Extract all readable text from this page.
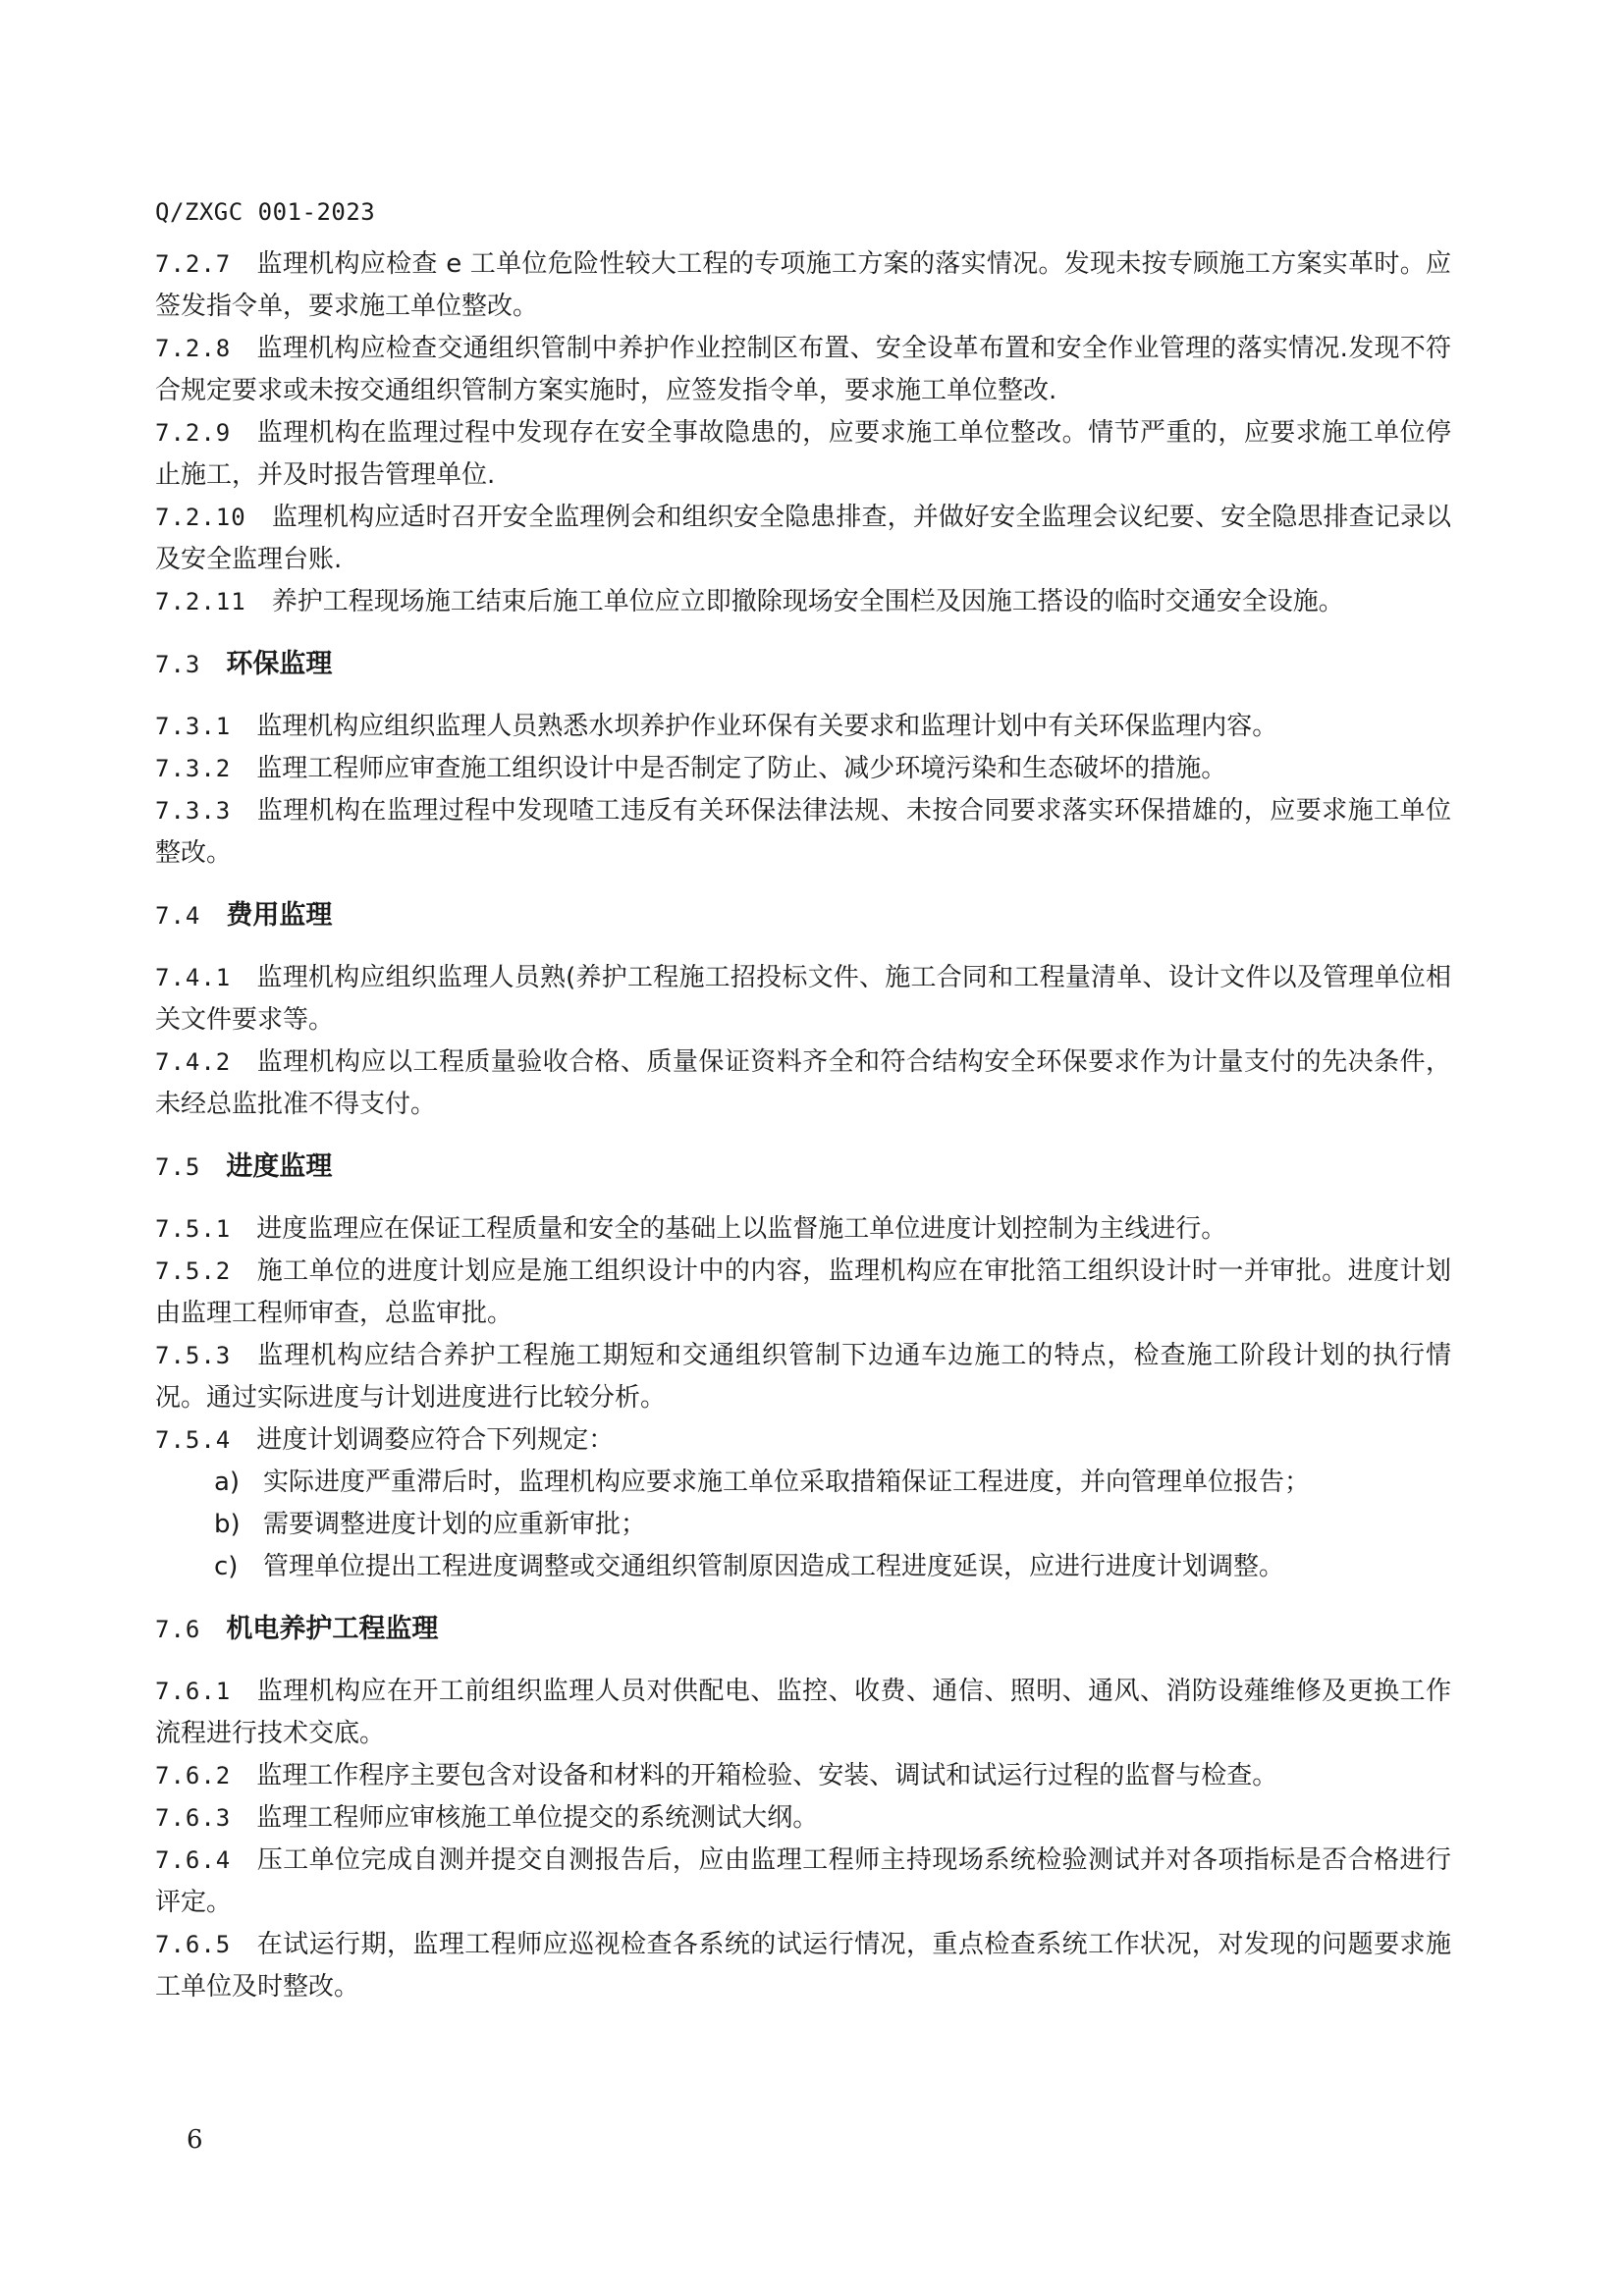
Q/ZXGC 001-2023

7.2.7 监理机构应检查 e 工单位危险性较大工程的专项施工方案的落实情况。发现未按专顾施工方案实革时。应签发指令单，要求施工单位整改。

7.2.8 监理机构应检查交通组织管制中养护作业控制区布置、安全设革布置和安全作业管理的落实情况.发现不符合规定要求或未按交通组织管制方案实施时，应签发指令单，要求施工单位整改.

7.2.9 监理机构在监理过程中发现存在安全事故隐患的，应要求施工单位整改。情节严重的，应要求施工单位停止施工，并及时报告管理单位.

7.2.10 监理机构应适时召开安全监理例会和组织安全隐患排查，并做好安全监理会议纪要、安全隐思排查记录以及安全监理台账.

7.2.11 养护工程现场施工结束后施工单位应立即撤除现场安全围栏及因施工搭设的临时交通安全设施。

7.3 环保监理

7.3.1 监理机构应组织监理人员熟悉水坝养护作业环保有关要求和监理计划中有关环保监理内容。

7.3.2 监理工程师应审查施工组织设计中是否制定了防止、减少环境污染和生态破坏的措施。

7.3.3 监理机构在监理过程中发现喳工违反有关环保法律法规、未按合同要求落实环保措雄的，应要求施工单位整改。

7.4 费用监理

7.4.1 监理机构应组织监理人员熟(养护工程施工招投标文件、施工合同和工程量清单、设计文件以及管理单位相关文件要求等。

7.4.2 监理机构应以工程质量验收合格、质量保证资料齐全和符合结构安全环保要求作为计量支付的先决条件，未经总监批准不得支付。

7.5 进度监理

7.5.1 进度监理应在保证工程质量和安全的基础上以监督施工单位进度计划控制为主线进行。

7.5.2 施工单位的进度计划应是施工组织设计中的内容，监理机构应在审批箔工组织设计时一并审批。进度计划由监理工程师审查，总监审批。

7.5.3 监理机构应结合养护工程施工期短和交通组织管制下边通车边施工的特点，检查施工阶段计划的执行情况。通过实际进度与计划进度进行比较分析。

7.5.4 进度计划调婺应符合下列规定：

a) 实际进度严重滞后时，监理机构应要求施工单位采取措箱保证工程进度，并向管理单位报告；

b) 需要调整进度计划的应重新审批；

c) 管理单位提出工程进度调整或交通组织管制原因造成工程进度延误，应进行进度计划调整。

7.6 机电养护工程监理

7.6.1 监理机构应在开工前组织监理人员对供配电、监控、收费、通信、照明、通风、消防设薤维修及更换工作流程进行技术交底。

7.6.2 监理工作程序主要包含对设备和材料的开箱检验、安装、调试和试运行过程的监督与检查。

7.6.3 监理工程师应审核施工单位提交的系统测试大纲。

7.6.4 压工单位完成自测并提交自测报告后，应由监理工程师主持现场系统检验测试并对各项指标是否合格进行评定。

7.6.5 在试运行期，监理工程师应巡视检查各系统的试运行情况，重点检查系统工作状况，对发现的问题要求施工单位及时整改。

6
